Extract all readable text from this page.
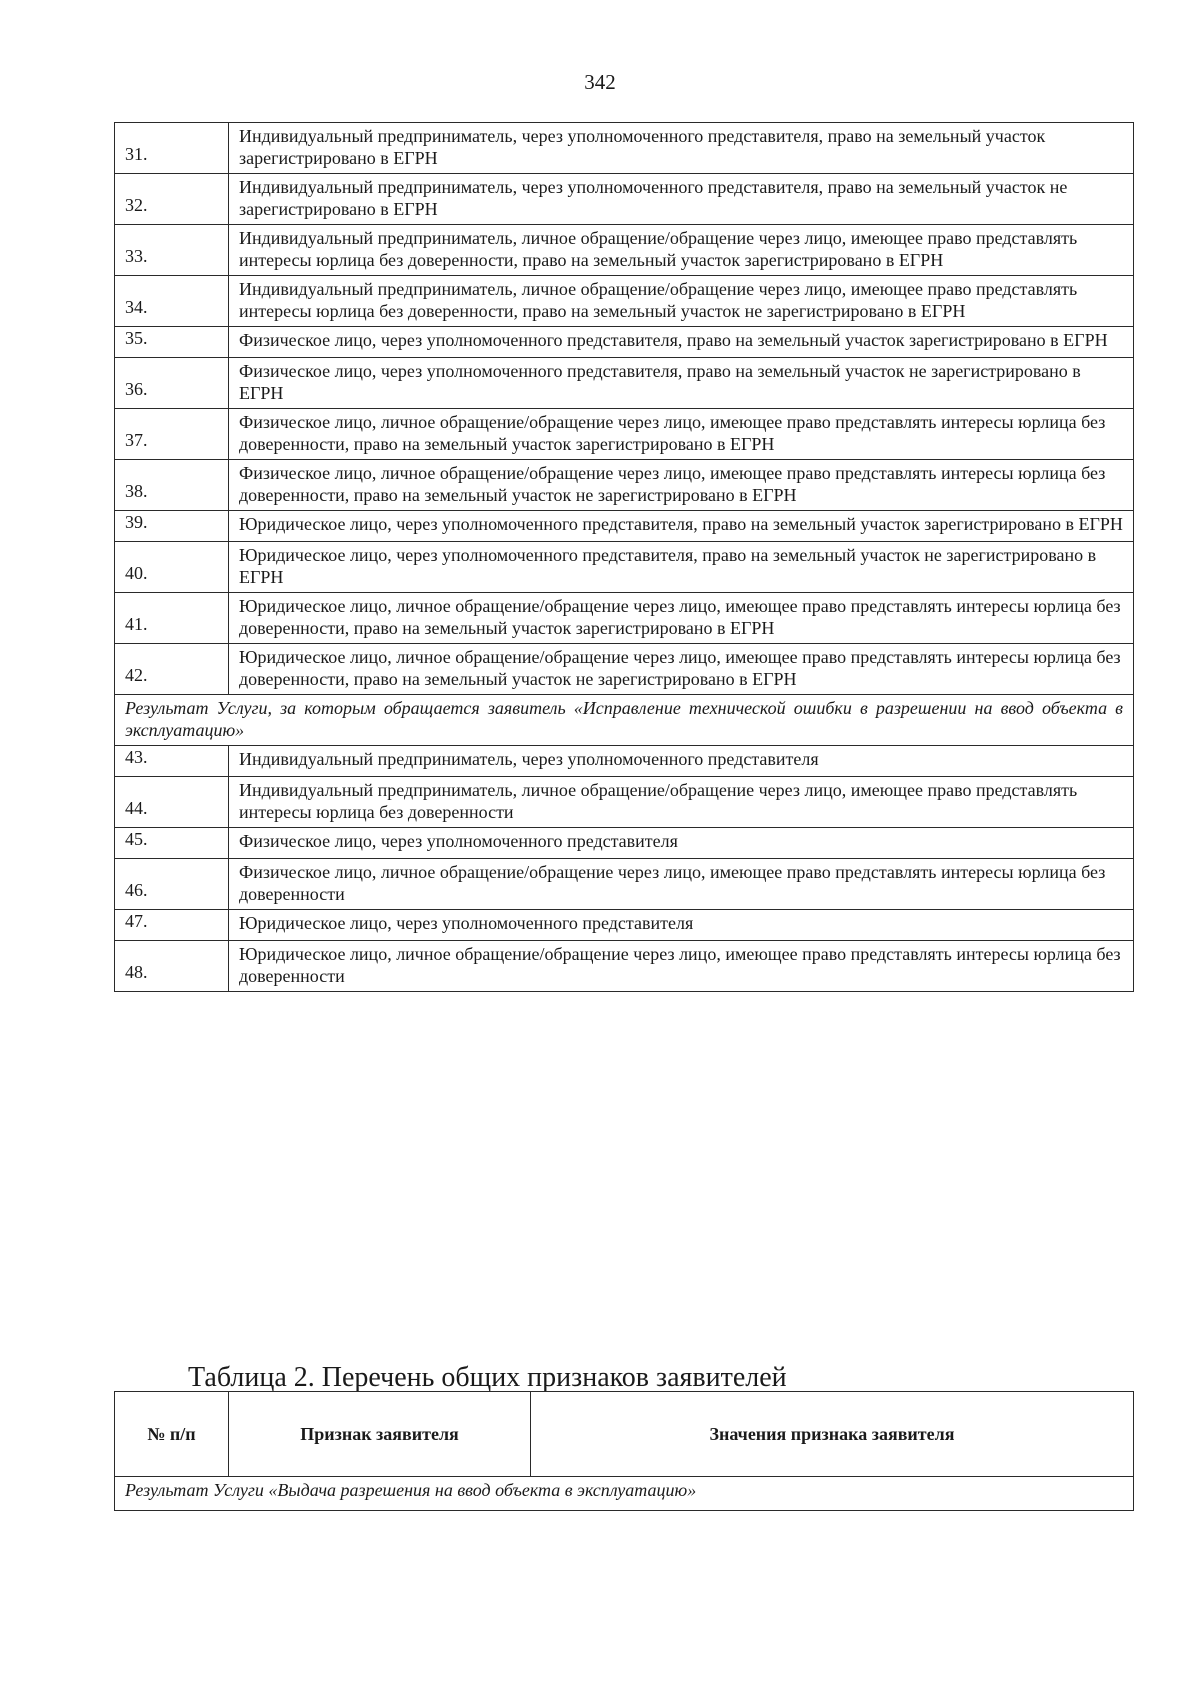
342
31.	Индивидуальный предприниматель, через уполномоченного представителя, право на земельный участок зарегистрировано в ЕГРН
32.	Индивидуальный предприниматель, через уполномоченного представителя, право на земельный участок не зарегистрировано в ЕГРН
33.	Индивидуальный предприниматель, личное обращение/обращение через лицо, имеющее право представлять интересы юрлица без доверенности, право на земельный участок зарегистрировано в ЕГРН
34.	Индивидуальный предприниматель, личное обращение/обращение через лицо, имеющее право представлять интересы юрлица без доверенности, право на земельный участок не зарегистрировано в ЕГРН
35.	Физическое лицо, через уполномоченного представителя, право на земельный участок зарегистрировано в ЕГРН
36.	Физическое лицо, через уполномоченного представителя, право на земельный участок не зарегистрировано в ЕГРН
37.	Физическое лицо, личное обращение/обращение через лицо, имеющее право представлять интересы юрлица без доверенности, право на земельный участок зарегистрировано в ЕГРН
38.	Физическое лицо, личное обращение/обращение через лицо, имеющее право представлять интересы юрлица без доверенности, право на земельный участок не зарегистрировано в ЕГРН
39.	Юридическое лицо, через уполномоченного представителя, право на земельный участок зарегистрировано в ЕГРН
40.	Юридическое лицо, через уполномоченного представителя, право на земельный участок не зарегистрировано в ЕГРН
41.	Юридическое лицо, личное обращение/обращение через лицо, имеющее право представлять интересы юрлица без доверенности, право на земельный участок зарегистрировано в ЕГРН
42.	Юридическое лицо, личное обращение/обращение через лицо, имеющее право представлять интересы юрлица без доверенности, право на земельный участок не зарегистрировано в ЕГРН
Результат Услуги, за которым обращается заявитель «Исправление технической ошибки в разрешении на ввод объекта в эксплуатацию»	
43.	Индивидуальный предприниматель, через уполномоченного представителя
44.	Индивидуальный предприниматель, личное обращение/обращение через лицо, имеющее право представлять интересы юрлица без доверенности
45.	Физическое лицо, через уполномоченного представителя
46.	Физическое лицо, личное обращение/обращение через лицо, имеющее право представлять интересы юрлица без доверенности
47.	Юридическое лицо, через уполномоченного представителя
48.	Юридическое лицо, личное обращение/обращение через лицо, имеющее право представлять интересы юрлица без доверенности
Таблица 2. Перечень общих признаков заявителей
№ п/п	Признак заявителя	Значения признака заявителя
Результат Услуги «Выдача разрешения на ввод объекта в эксплуатацию»
